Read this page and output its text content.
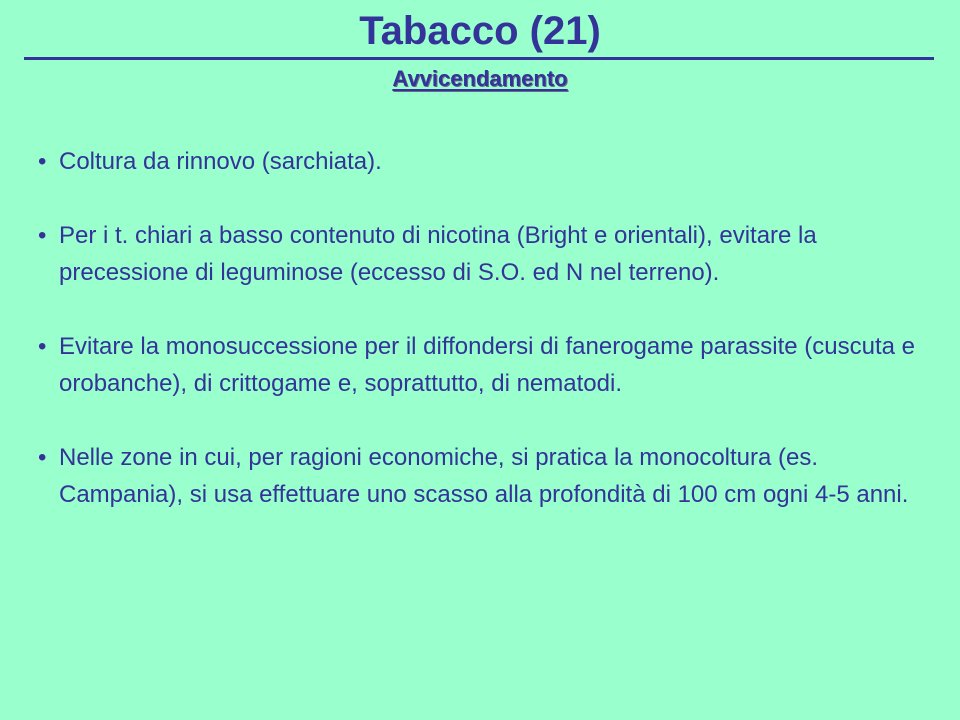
Tabacco (21)
Avvicendamento
• Coltura da rinnovo (sarchiata).
• Per i t. chiari a basso contenuto di nicotina (Bright e orientali), evitare la precessione di leguminose (eccesso di S.O. ed N nel terreno).
• Evitare la monosuccessione per il diffondersi di fanerogame parassite (cuscuta e orobanche), di crittogame e, soprattutto, di nematodi.
• Nelle zone in cui, per ragioni economiche, si pratica la monocoltura (es. Campania), si usa effettuare uno scasso alla profondità di 100 cm ogni 4-5 anni.
